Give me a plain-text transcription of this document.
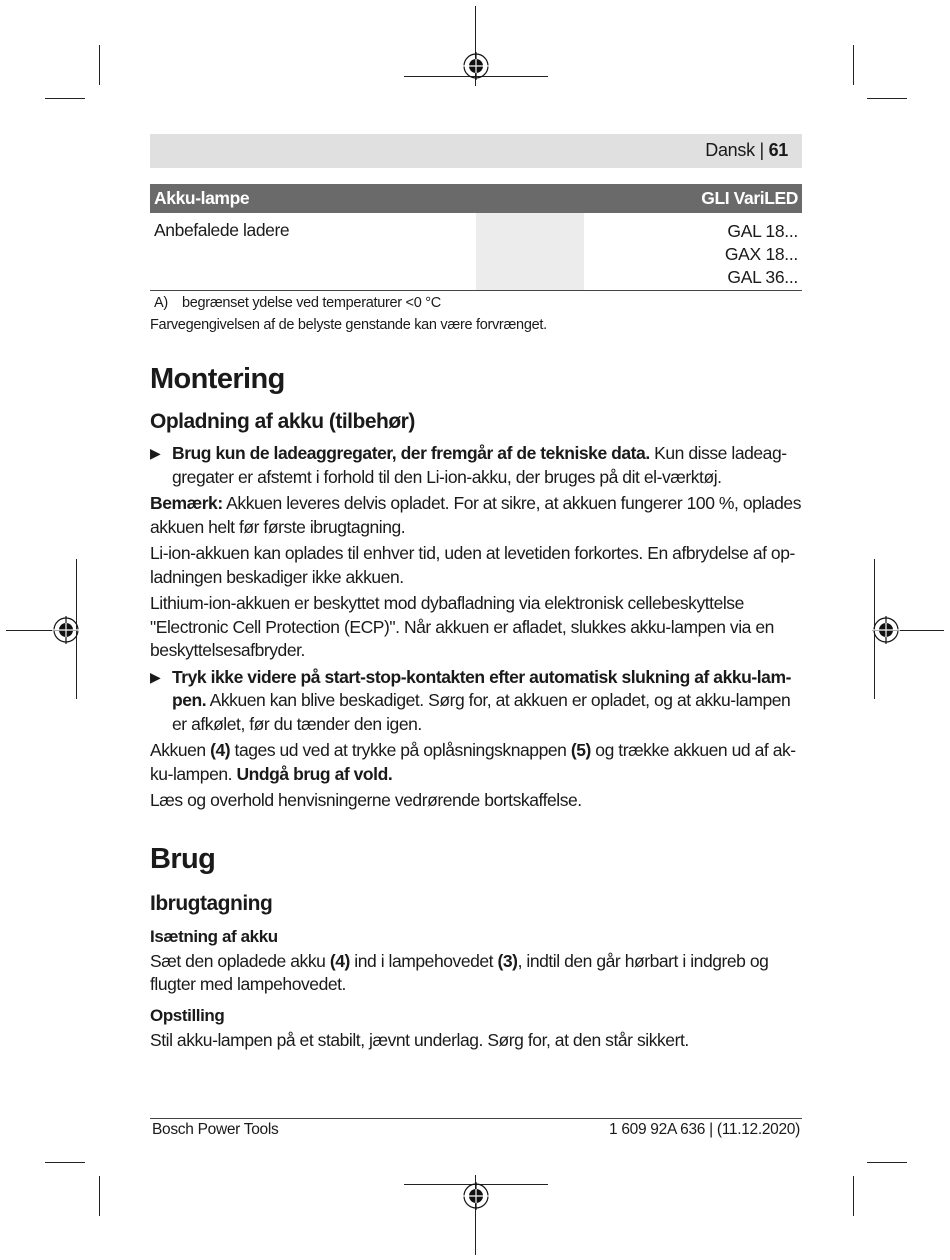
Dansk | 61
Akku-lampe	GLI VariLED
Anbefalede ladere	GAL 18...
GAX 18...
GAL 36...
A) begrænset ydelse ved temperaturer <0 °C
Farvegengivelsen af de belyste genstande kan være forvrænget.
Montering
Opladning af akku (tilbehør)

▶ Brug kun de ladeaggregater, der fremgår af de tekniske data. Kun disse ladeaggregater er afstemt i forhold til den Li-ion-akku, der bruges på dit el-værktøj.

Bemærk: Akkuen leveres delvis opladet. For at sikre, at akkuen fungerer 100 %, oplades akkuen helt før første ibrugtagning.

Li-ion-akkuen kan oplades til enhver tid, uden at levetiden forkortes. En afbrydelse af opladningen beskadiger ikke akkuen.

Lithium-ion-akkuen er beskyttet mod dybafladning via elektronisk cellebeskyttelse "Electronic Cell Protection (ECP)". Når akkuen er afladet, slukkes akku-lampen via en beskyttelsesafbryder.

▶ Tryk ikke videre på start-stop-kontakten efter automatisk slukning af akku-lampen. Akkuen kan blive beskadiget. Sørg for, at akkuen er opladet, og at akku-lampen er afkølet, før du tænder den igen.

Akkuen (4) tages ud ved at trykke på oplåsningsknappen (5) og trække akkuen ud af akku-lampen. Undgå brug af vold.

Læs og overhold henvisningerne vedrørende bortskaffelse.

Brug
Ibrugtagning
Isætning af akku

Sæt den opladede akku (4) ind i lampehovedet (3), indtil den går hørbart i indgreb og flugter med lampehovedet.

Opstilling

Stil akku-lampen på et stabilt, jævnt underlag. Sørg for, at den står sikkert.

Bosch Power Tools	1 609 92A 636 | (11.12.2020)
